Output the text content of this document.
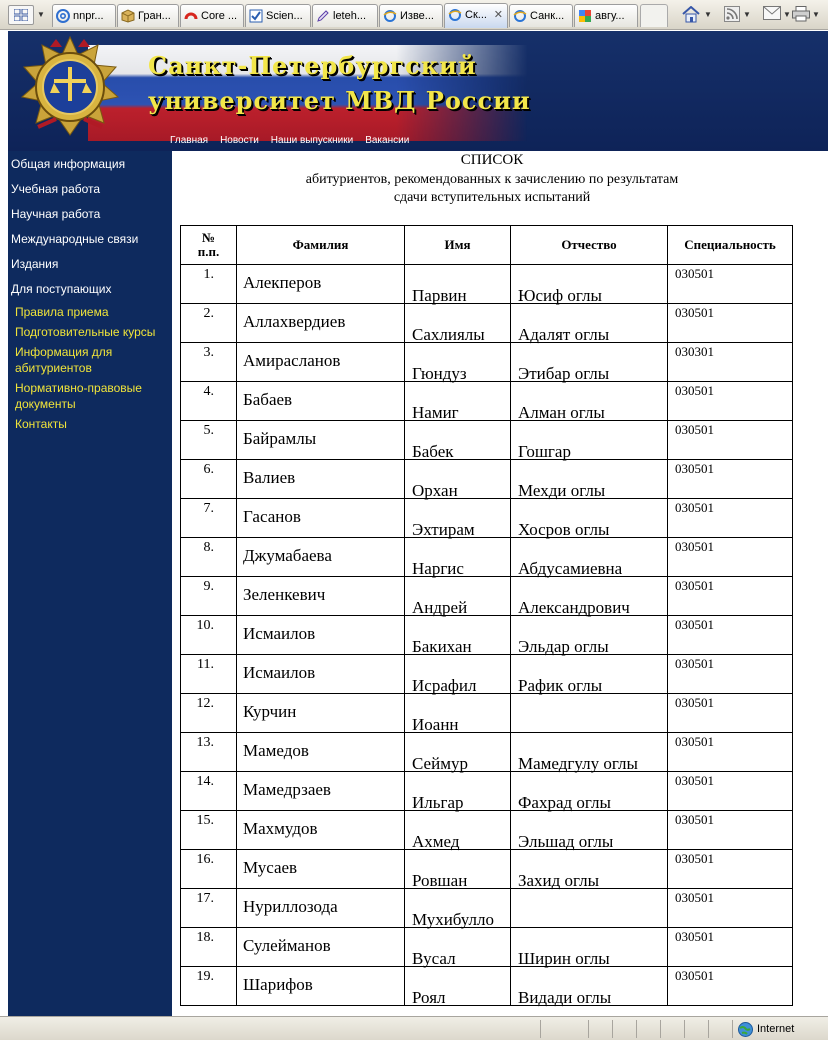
▼	nnpr...	Гран...	Core ...	Scien...	leteh...	Изве...	Ск... ✕	Санк...	авгу...	▼	▼	▼	▼
Санкт-Петербургский
университет МВД России
Главная Новости Наши выпускники Вакансии
Общая информация
Учебная работа
Научная работа
Международные связи
Издания
Для поступающих
Правила приема
Подготовительные курсы
Информация для
абитуриентов
Нормативно-правовые
документы
Контакты
СПИСОК
абитуриентов, рекомендованных к зачислению по результатам
сдачи вступительных испытаний
№
п.п.	Фамилия	Имя	Отчество	Специальность

1.	Алекперов	Парвин	Юсиф оглы	030501

2.	Аллахвердиев	Сахлиялы	Адалят оглы	030501

3.	Амирасланов	Гюндуз	Этибар оглы	030301

4.	Бабаев	Намиг	Алман оглы	030501

5.	Байрамлы	Бабек	Гошгар	030501

6.	Валиев	Орхан	Мехди оглы	030501

7.	Гасанов	Эхтирам	Хосров оглы	030501

8.	Джумабаева	Наргис	Абдусамиевна	030501

9.	Зеленкевич	Андрей	Александрович	030501

10.	Исмаилов	Бакихан	Эльдар оглы	030501

11.	Исмаилов	Исрафил	Рафик оглы	030501

12.	Курчин	Иоанн		030501

13.	Мамедов	Сеймур	Мамедгулу оглы	030501

14.	Мамедрзаев	Ильгар	Фахрад оглы	030501

15.	Махмудов	Ахмед	Эльшад оглы	030501

16.	Мусаев	Ровшан	Захид оглы	030501

17.	Нуриллозода	Мухибулло		030501

18.	Сулейманов	Вусал	Ширин оглы	030501

19.	Шарифов	Роял	Видади оглы	030501
Internet
